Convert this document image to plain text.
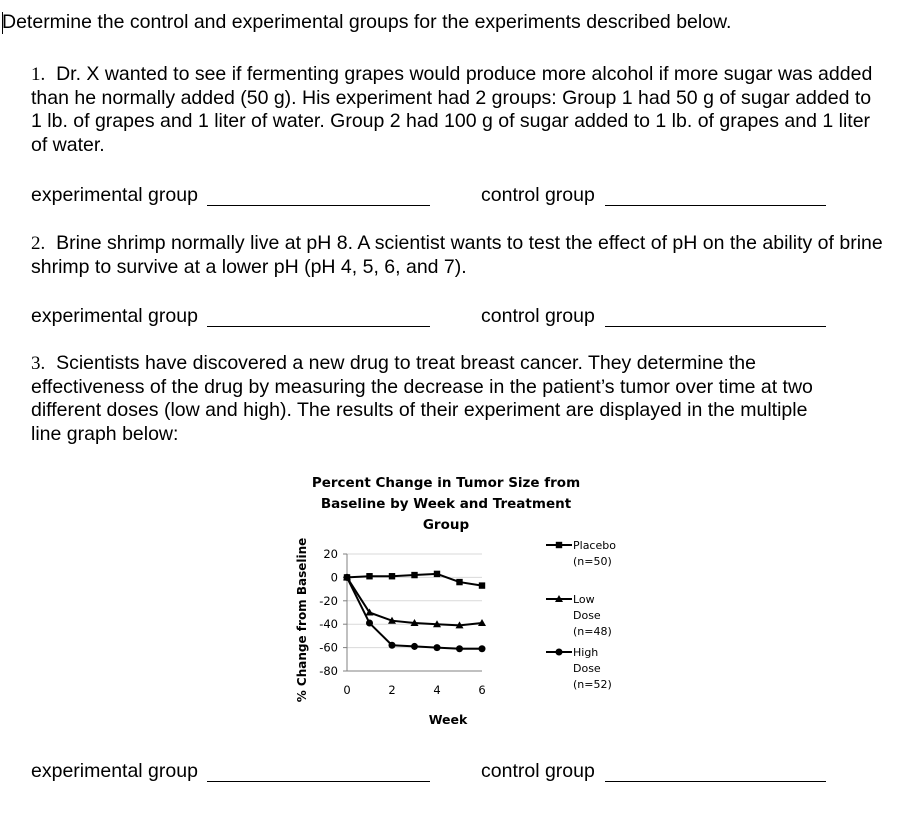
Determine the control and experimental groups for the experiments described below.
1. Dr. X wanted to see if fermenting grapes would produce more alcohol if more sugar was added
than he normally added (50 g). His experiment had 2 groups: Group 1 had 50 g of sugar added to
1 lb. of grapes and 1 liter of water. Group 2 had 100 g of sugar added to 1 lb. of grapes and 1 liter
of water.
experimental group	control group
2. Brine shrimp normally live at pH 8. A scientist wants to test the effect of pH on the ability of brine
shrimp to survive at a lower pH (pH 4, 5, 6, and 7).
experimental group	control group
3. Scientists have discovered a new drug to treat breast cancer. They determine the
effectiveness of the drug by measuring the decrease in the patient’s tumor over time at two
different doses (low and high). The results of their experiment are displayed in the multiple
line graph below:
Percent Change in Tumor Size from
Baseline by Week and Treatment
Group
20
0
-20
-40
-60
-80
0	2	4	6
Week
% Change from Baseline	Placebo
(n=50)
Low
Dose
(n=48)
High
Dose
(n=52)
experimental group	control group
